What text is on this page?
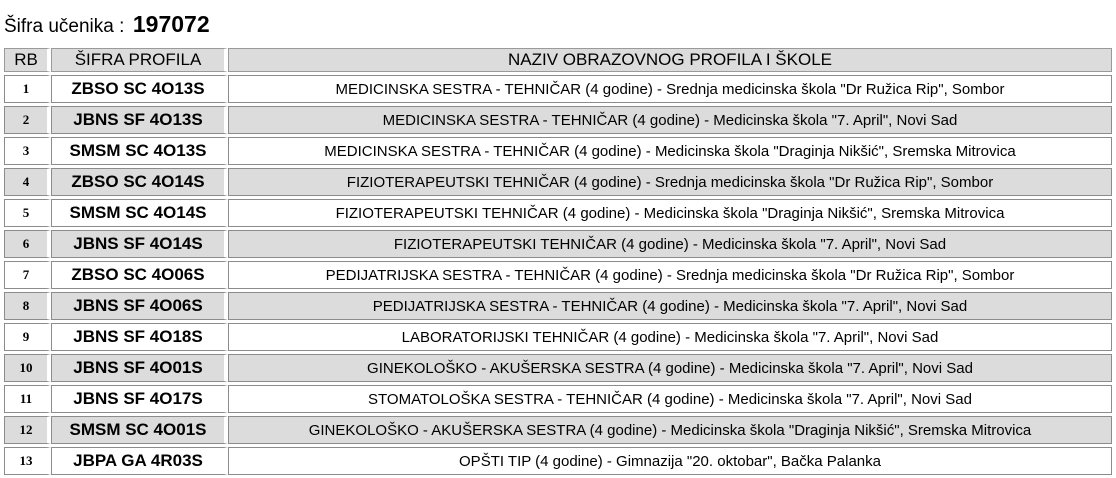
Šifra učenika : 197072
RB	ŠIFRA PROFILA	NAZIV OBRAZOVNOG PROFILA I ŠKOLE
1	ZBSO SC 4O13S	MEDICINSKA SESTRA - TEHNIČAR (4 godine) - Srednja medicinska škola "Dr Ružica Rip", Sombor
2	JBNS SF 4O13S	MEDICINSKA SESTRA - TEHNIČAR (4 godine) - Medicinska škola "7. April", Novi Sad
3	SMSM SC 4O13S	MEDICINSKA SESTRA - TEHNIČAR (4 godine) - Medicinska škola "Draginja Nikšić", Sremska Mitrovica
4	ZBSO SC 4O14S	FIZIOTERAPEUTSKI TEHNIČAR (4 godine) - Srednja medicinska škola "Dr Ružica Rip", Sombor
5	SMSM SC 4O14S	FIZIOTERAPEUTSKI TEHNIČAR (4 godine) - Medicinska škola "Draginja Nikšić", Sremska Mitrovica
6	JBNS SF 4O14S	FIZIOTERAPEUTSKI TEHNIČAR (4 godine) - Medicinska škola "7. April", Novi Sad
7	ZBSO SC 4O06S	PEDIJATRIJSKA SESTRA - TEHNIČAR (4 godine) - Srednja medicinska škola "Dr Ružica Rip", Sombor
8	JBNS SF 4O06S	PEDIJATRIJSKA SESTRA - TEHNIČAR (4 godine) - Medicinska škola "7. April", Novi Sad
9	JBNS SF 4O18S	LABORATORIJSKI TEHNIČAR (4 godine) - Medicinska škola "7. April", Novi Sad
10	JBNS SF 4O01S	GINEKOLOŠKO - AKUŠERSKA SESTRA (4 godine) - Medicinska škola "7. April", Novi Sad
11	JBNS SF 4O17S	STOMATOLOŠKA SESTRA - TEHNIČAR (4 godine) - Medicinska škola "7. April", Novi Sad
12	SMSM SC 4O01S	GINEKOLOŠKO - AKUŠERSKA SESTRA (4 godine) - Medicinska škola "Draginja Nikšić", Sremska Mitrovica
13	JBPA GA 4R03S	OPŠTI TIP (4 godine) - Gimnazija "20. oktobar", Bačka Palanka
